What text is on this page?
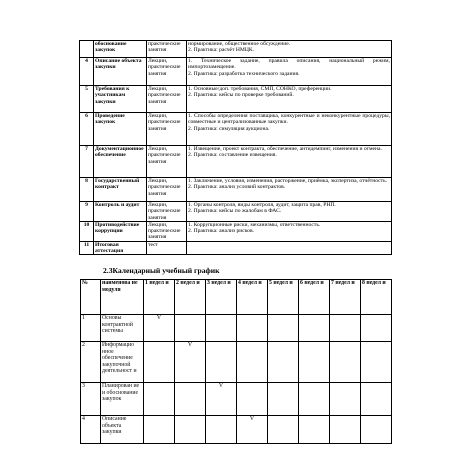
	обоснование закупок	практические занятия	нормирование, общественное обсуждение.

2. Практика: расчёт НМЦК.

4	Описание объекта закупки	Лекции, практические занятия	1. Техническое задание, правила описания, национальный режим, импортозамещение.

2. Практика: разработка технического задания.

5	Требования к участникам закупки	Лекции, практические занятия	1. Основные/доп. требования, СМП, СОНКО, преференции.

2. Практика: кейсы по проверке требований.

6	Проведение закупок	Лекции, практические занятия	1. Способы определения поставщика, конкурентные и неконкурентные процедуры, совместные и централизованные закупки.

2. Практика: симуляция аукциона.

7	Документационное обеспечение	Лекции, практические занятия	1. Извещение, проект контракта, обеспечение, антидемпинг, изменения и отмена.

2. Практика: составление извещения.

8	Государственный контракт	Лекции, практические занятия	1. Заключение, условия, изменения, расторжение, приёмка, экспертиза, отчётность.

2. Практика: анализ условий контрактов.

9	Контроль и аудит	Лекции, практические занятия	1. Органы контроля, виды контроля, аудит, защита прав, РНП.

2. Практика: кейсы по жалобам в ФАС.

10	Противодействие коррупции	Лекции, практические занятия	1. Коррупционные риски, механизмы, ответственность.

2. Практика: анализ рисков.

11	Итоговая аттестация	тест	
2.3Календарный учебный график
№	наименова не модуля	1 недел и	2 недел и	3 недел и	4 недел и	5 недел и	6 недел и	7 недел и	8 недел и
1	Основы контрактной системы	V							
2	Информацио нное обеспечение закупочной деятельност и		V						
3	Планирован ие и обоснование закупок			V					
4	Описание объекта закупки				V				
